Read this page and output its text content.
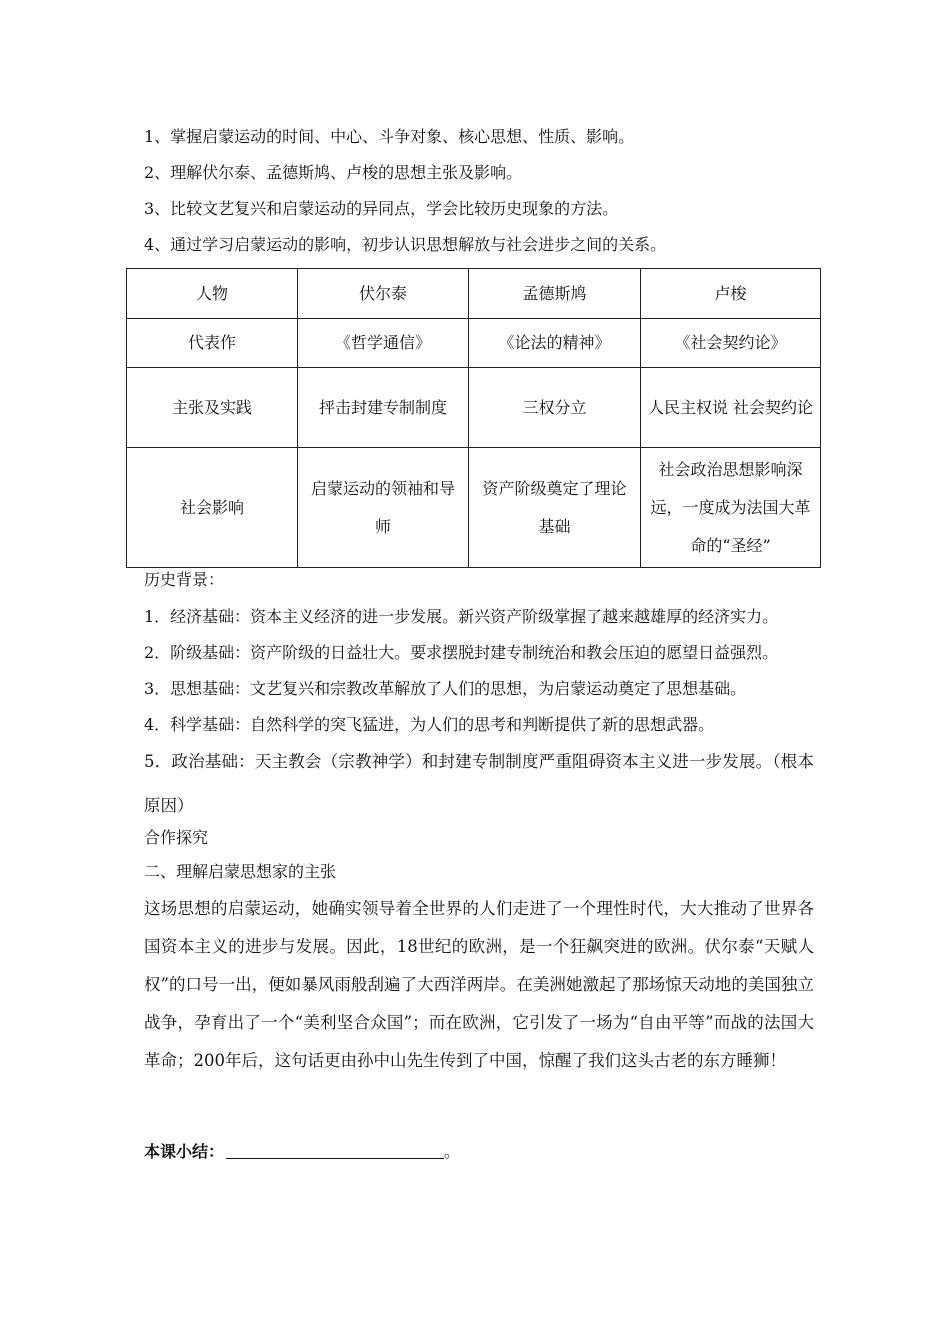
1、掌握启蒙运动的时间、中心、斗争对象、核心思想、性质、影响。
2、理解伏尔泰、孟德斯鸠、卢梭的思想主张及影响。
3、比较文艺复兴和启蒙运动的异同点，学会比较历史现象的方法。
4、通过学习启蒙运动的影响，初步认识思想解放与社会进步之间的关系。
人物	伏尔泰	孟德斯鸠	卢梭
代表作	《哲学通信》	《论法的精神》	《社会契约论》
主张及实践	抨击封建专制制度	三权分立	人民主权说 社会契约论
社会影响	启蒙运动的领袖和导师	资产阶级奠定了理论基础	社会政治思想影响深远，一度成为法国大革命的“圣经”
历史背景：
1．经济基础：资本主义经济的进一步发展。新兴资产阶级掌握了越来越雄厚的经济实力。
2．阶级基础：资产阶级的日益壮大。要求摆脱封建专制统治和教会压迫的愿望日益强烈。
3．思想基础：文艺复兴和宗教改革解放了人们的思想，为启蒙运动奠定了思想基础。
4．科学基础：自然科学的突飞猛进，为人们的思考和判断提供了新的思想武器。
5．政治基础：天主教会（宗教神学）和封建专制制度严重阻碍资本主义进一步发展。（根本原因）
合作探究
二、理解启蒙思想家的主张
这场思想的启蒙运动，她确实领导着全世界的人们走进了一个理性时代，大大推动了世界各国资本主义的进步与发展。因此，18世纪的欧洲，是一个狂飙突进的欧洲。伏尔泰“天赋人权”的口号一出，便如暴风雨般刮遍了大西洋两岸。在美洲她激起了那场惊天动地的美国独立战争，孕育出了一个“美利坚合众国”；而在欧洲，它引发了一场为“自由平等”而战的法国大革命；200年后，这句话更由孙中山先生传到了中国，惊醒了我们这头古老的东方睡狮！
本课小结：	。
